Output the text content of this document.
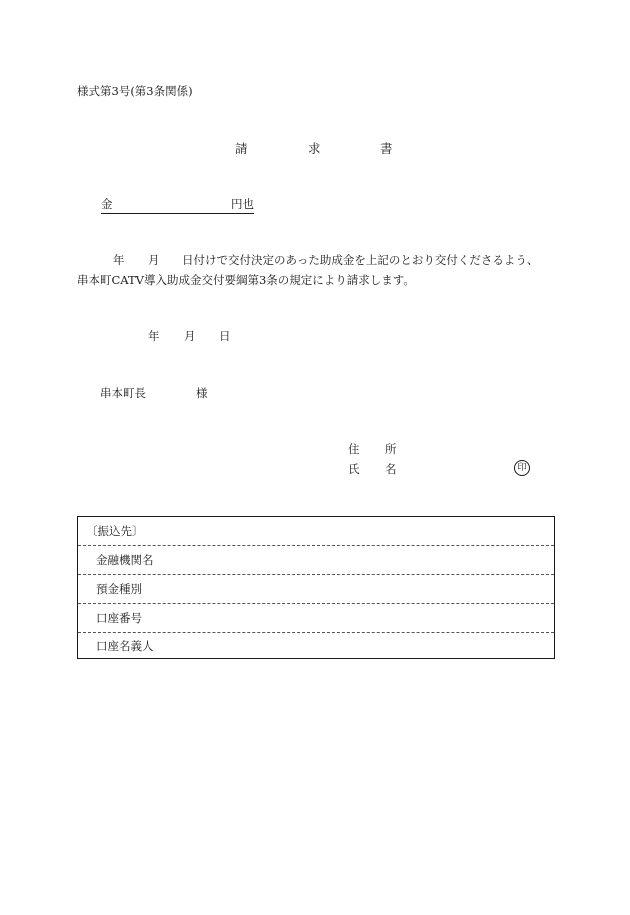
様式第3号(第3条関係)
請	求	書
金	円也
年 月 日付けで交付決定のあった助成金を上記のとおり交付くださるよう、
串本町CATV導入助成金交付要綱第3条の規定により請求します。
年 月 日
串本町長	様
住 所
氏 名	印
〔振込先〕
金融機関名
預金種別
口座番号
口座名義人
